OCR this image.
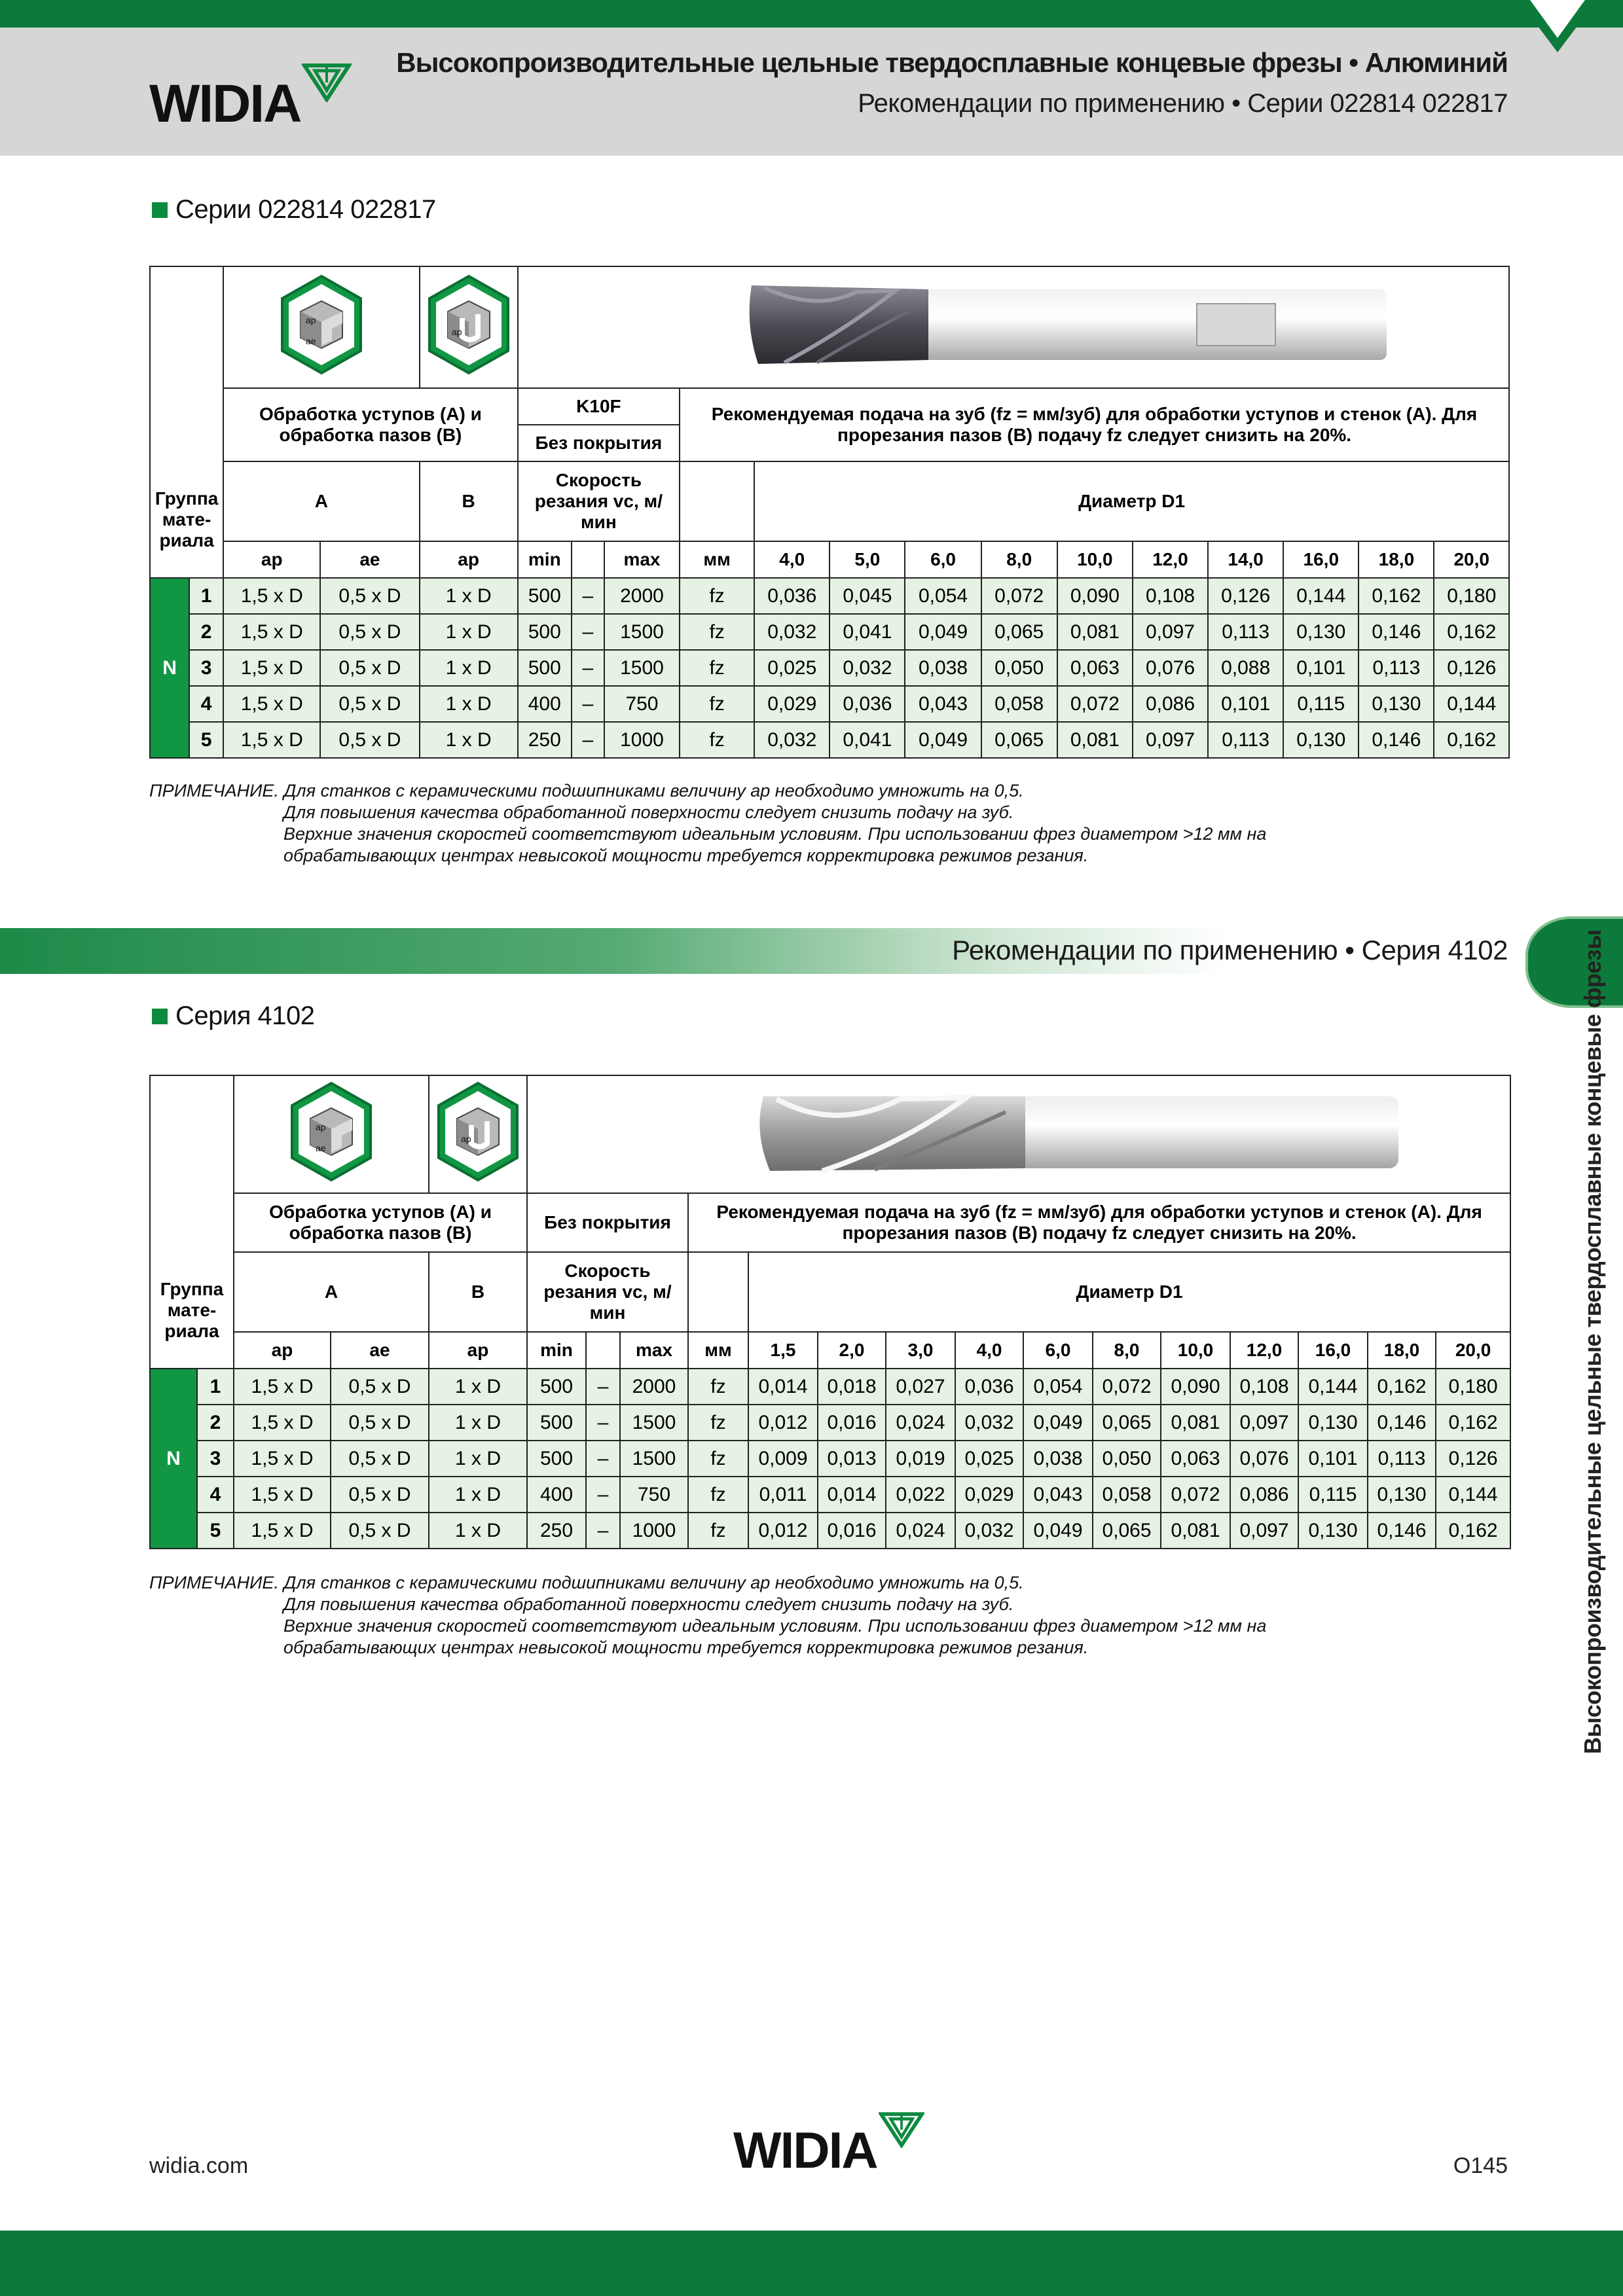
WIDIA
Высокопроизводительные цельные твердосплавные концевые фрезы • Алюминий
Рекомендации по применению • Серии 022814 022817
Серии 022814 022817

ap
ae		ap

		Обработка уступов (A) и обработка пазов (B)			K10F			Рекомендуемая подача на зуб (fz = мм/зуб) для обработки уступов и стенок (A). Для прорезания пазов (B) подачу fz следует снизить на 20%.										
					Без покрытия													
Группа мате-риала		A		B	Скорость резания vc, м/мин				Диаметр D1									
		ap	ae	ap	min		max	мм	4,0	5,0	6,0	8,0	10,0	12,0	14,0	16,0	18,0	20,0
N	1	1,5 x D	0,5 x D	1 x D	500	–	2000	fz	0,036	0,045	0,054	0,072	0,090	0,108	0,126	0,144	0,162	0,180
	2	1,5 x D	0,5 x D	1 x D	500	–	1500	fz	0,032	0,041	0,049	0,065	0,081	0,097	0,113	0,130	0,146	0,162
	3	1,5 x D	0,5 x D	1 x D	500	–	1500	fz	0,025	0,032	0,038	0,050	0,063	0,076	0,088	0,101	0,113	0,126
	4	1,5 x D	0,5 x D	1 x D	400	–	750	fz	0,029	0,036	0,043	0,058	0,072	0,086	0,101	0,115	0,130	0,144
	5	1,5 x D	0,5 x D	1 x D	250	–	1000	fz	0,032	0,041	0,049	0,065	0,081	0,097	0,113	0,130	0,146	0,162
ПРИМЕЧАНИЕ. Для станков с керамическими подшипниками величину ap необходимо умножить на 0,5.
Для повышения качества обработанной поверхности следует снизить подачу на зуб.
Верхние значения скоростей соответствуют идеальным условиям. При использовании фрез диаметром >12 мм на
обрабатывающих центрах невысокой мощности требуется корректировка режимов резания.
Рекомендации по применению • Серия 4102
Серия 4102

ap
ae		ap

		Обработка уступов (A) и обработка пазов (B)			Без покрытия			Рекомендуемая подача на зуб (fz = мм/зуб) для обработки уступов и стенок (A). Для прорезания пазов (B) подачу fz следует снизить на 20%.											
Группа мате-риала		A		B	Скорость резания vc, м/мин				Диаметр D1										
		ap	ae	ap	min		max	мм	1,5	2,0	3,0	4,0	6,0	8,0	10,0	12,0	16,0	18,0	20,0
N	1	1,5 x D	0,5 x D	1 x D	500	–	2000	fz	0,014	0,018	0,027	0,036	0,054	0,072	0,090	0,108	0,144	0,162	0,180
	2	1,5 x D	0,5 x D	1 x D	500	–	1500	fz	0,012	0,016	0,024	0,032	0,049	0,065	0,081	0,097	0,130	0,146	0,162
	3	1,5 x D	0,5 x D	1 x D	500	–	1500	fz	0,009	0,013	0,019	0,025	0,038	0,050	0,063	0,076	0,101	0,113	0,126
	4	1,5 x D	0,5 x D	1 x D	400	–	750	fz	0,011	0,014	0,022	0,029	0,043	0,058	0,072	0,086	0,115	0,130	0,144
	5	1,5 x D	0,5 x D	1 x D	250	–	1000	fz	0,012	0,016	0,024	0,032	0,049	0,065	0,081	0,097	0,130	0,146	0,162
ПРИМЕЧАНИЕ. Для станков с керамическими подшипниками величину ap необходимо умножить на 0,5.
Для повышения качества обработанной поверхности следует снизить подачу на зуб.
Верхние значения скоростей соответствуют идеальным условиям. При использовании фрез диаметром >12 мм на
обрабатывающих центрах невысокой мощности требуется корректировка режимов резания.	Высокопроизводительные цельные твердосплавные концевые фрезы
widia.com	WIDIA	O145
